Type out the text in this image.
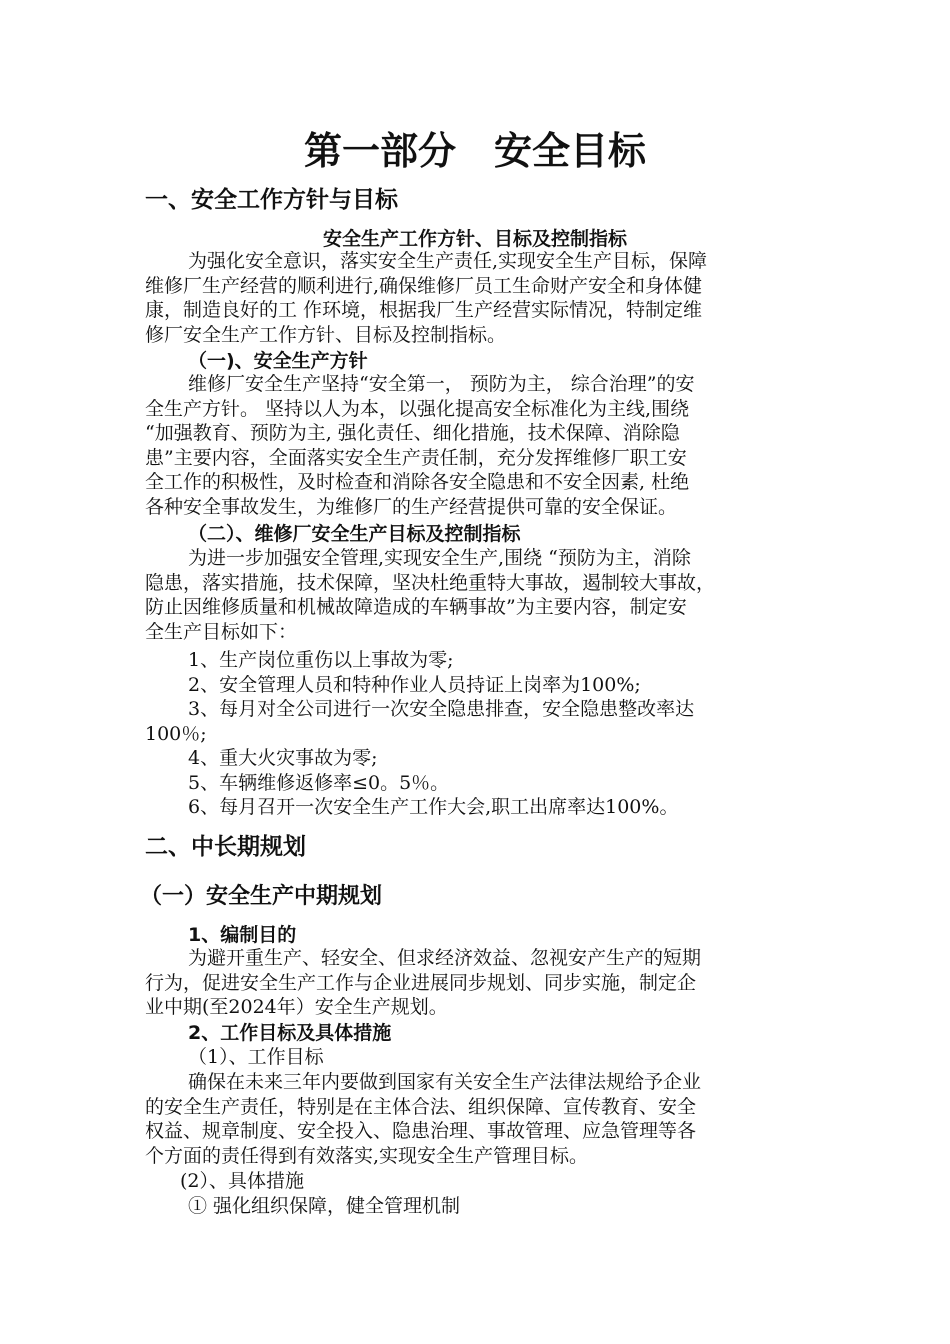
第一部分　安全目标
一、安全工作方针与目标
安全生产工作方针、目标及控制指标
为强化安全意识，落实安全生产责任,实现安全生产目标，保障
维修厂生产经营的顺利进行,确保维修厂员工生命财产安全和身体健
康，制造良好的工 作环境，根据我厂生产经营实际情况，特制定维
修厂安全生产工作方针、目标及控制指标。
（一)、安全生产方针
维修厂安全生产坚持“安全第一， 预防为主， 综合治理”的安
全生产方针。 坚持以人为本，以强化提高安全标准化为主线,围绕
“加强教育、预防为主, 强化责任、细化措施，技术保障、消除隐
患”主要内容，全面落实安全生产责任制，充分发挥维修厂职工安
全工作的积极性，及时检查和消除各安全隐患和不安全因素, 杜绝
各种安全事故发生，为维修厂的生产经营提供可靠的安全保证。
（二）、维修厂安全生产目标及控制指标
为进一步加强安全管理,实现安全生产,围绕 “预防为主，消除
隐患，落实措施，技术保障，坚决杜绝重特大事故，遏制较大事故，
防止因维修质量和机械故障造成的车辆事故”为主要内容，制定安
全生产目标如下：
1、生产岗位重伤以上事故为零;
2、安全管理人员和特种作业人员持证上岗率为100%;
3、每月对全公司进行一次安全隐患排查，安全隐患整改率达
100％;
4、重大火灾事故为零;
5、车辆维修返修率≤0。5％。
6、每月召开一次安全生产工作大会,职工出席率达100%。
二、中长期规划
（一）安全生产中期规划
1、编制目的
为避开重生产、轻安全、但求经济效益、忽视安产生产的短期
行为，促进安全生产工作与企业进展同步规划、同步实施，制定企
业中期(至2024年）安全生产规划。
2、工作目标及具体措施
（1）、工作目标
确保在未来三年内要做到国家有关安全生产法律法规给予企业
的安全生产责任，特别是在主体合法、组织保障、宣传教育、安全
权益、规章制度、安全投入、隐患治理、事故管理、应急管理等各
个方面的责任得到有效落实,实现安全生产管理目标。
(2）、具体措施
① 强化组织保障，健全管理机制
